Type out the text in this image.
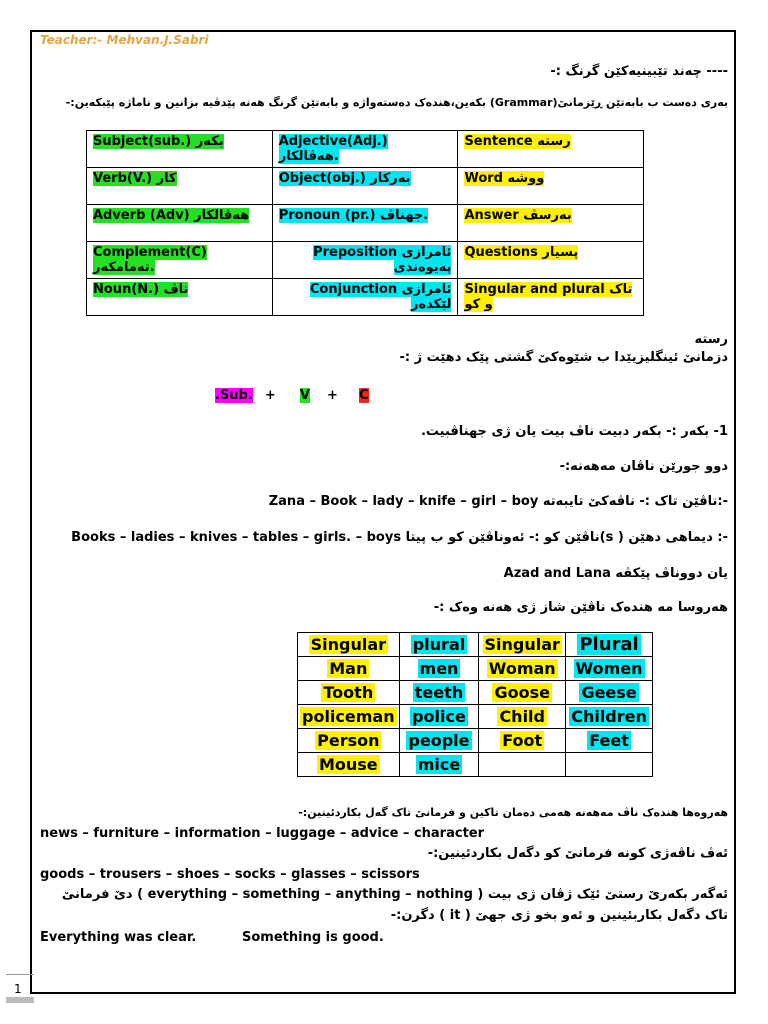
Teacher:- Mehvan.J.Sabri
---- چەند تێبینیەکێن گرنگ :-
بەری دەست ب بابەتێن ڕێزمانێ(Grammar) بکەین،هندەک دەستەواژە و بابەتێن گرنگ هەنە پێدڤیە بزانین و ناماژە پێبکەین:-
Subject(sub.) بکەر	Adjective(Adj.) هەڤالکار.	Sentence رستە
Verb(V.) کار	Object(obj.) بەرکار	Word ووشە
Adverb (Adv) هەڤالکار	Pronoun (pr.) جهناڤ.	Answer بەرسڤ
Complement(C) تەمامکەر.	Preposition ئامرازی پەیوەندی	Questions پسیار
Noun(N.) ناڤ	Conjunction ئامرازی لێکدەر	Singular and plural تاک و کو
رستە
دزمانێ ئینگلیزیێدا ب شێوەکێ گشتی پێک دهێت ژ :-
.Sub. + V + C
1- بکەر :- بکەر دبیت ناڤ بیت یان ژی جهناڤبیت.
دوو جورێن ناڤان مەهەنە:-
Zana – Book – lady – knife – girl – boy ناڤێن تاک :- ناڤەکێ تایبەتە:-
Books – ladies – knives – tables – girls. – boys ناڤێن کو :- ئەوناڤێن کو ب پیتا(s ) دیماهی دهێن :-
Azad and Lana یان دووناڤ پێکڤە
هەروسا مە هندەک ناڤێن شاز ژی هەنە وەک :-
Singular	plural	Singular	Plural
Man	men	Woman	Women
Tooth	teeth	Goose	Geese
policeman	police	Child	Children
Person	people	Foot	Feet
Mouse	mice		
هەروەها هندەک ناڤ مەهەنە هەمی دەمان تاکین و فرمانێ تاک گەل بکاردئینین:-
news – furniture – information – luggage – advice – character
ئەڤ ناڤەژی کونە فرمانێ کو دگەل بکاردئینین:-
goods – trousers – shoes – socks – glasses – scissors
ئەگەر بکەرێ رستێ ئێک ژڤان ژی بیت ( everything – something – anything – nothing ) دێ فرمانێ
تاک دگەل بکاربئینین و ئەو بخو ژی جهێ ( it ) دگرن:-
Everything was clear.	Something is good.
1
